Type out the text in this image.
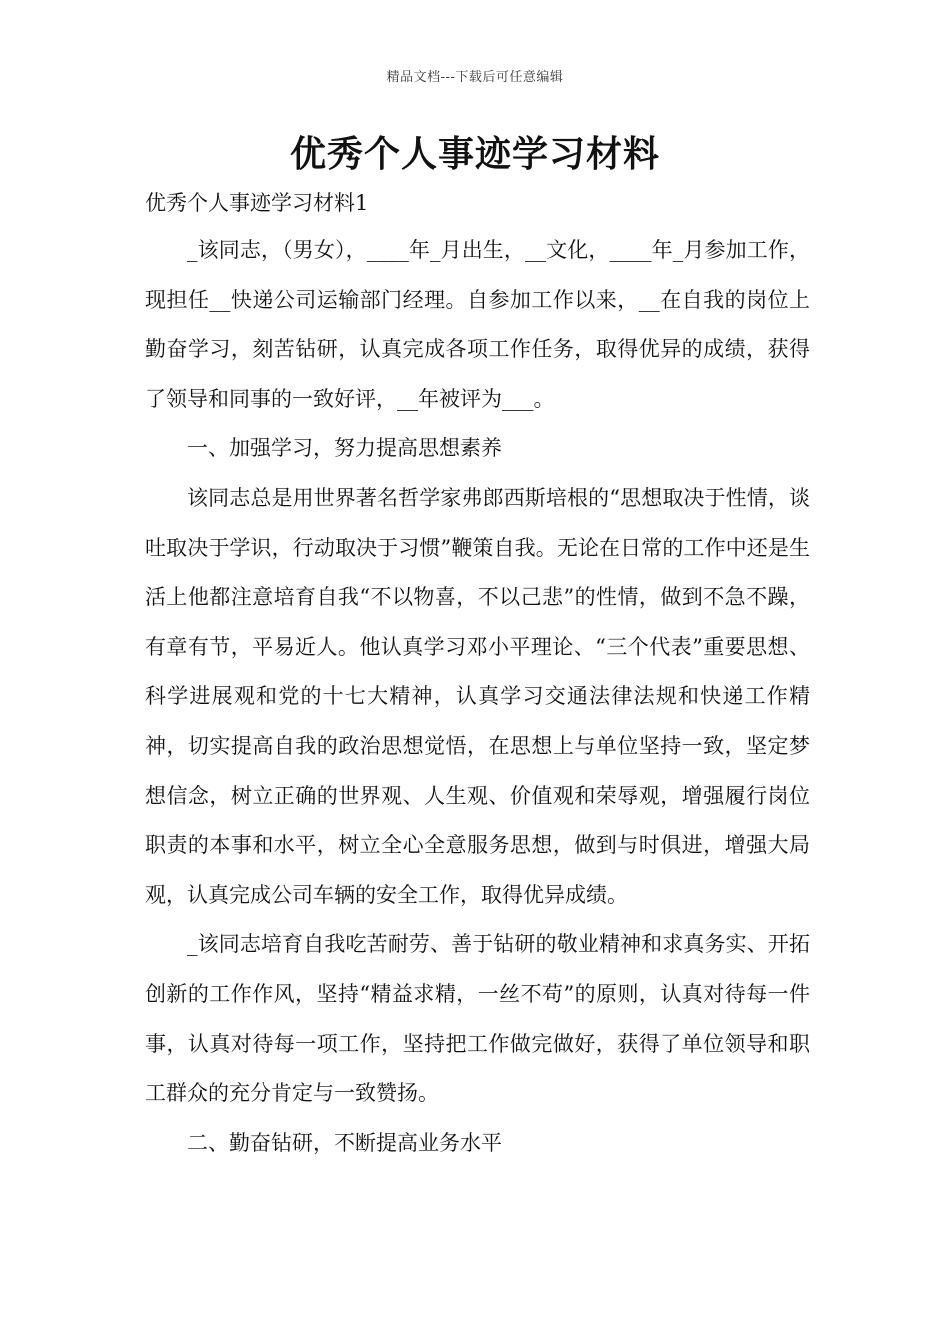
精品文档---下载后可任意编辑
优秀个人事迹学习材料
优秀个人事迹学习材料1

_该同志，（男女），____年_月出生，__文化，____年_月参加工作，现担任__快递公司运输部门经理。自参加工作以来，__在自我的岗位上勤奋学习，刻苦钻研，认真完成各项工作任务，取得优异的成绩，获得了领导和同事的一致好评，__年被评为___。

一、加强学习，努力提高思想素养

该同志总是用世界著名哲学家弗郎西斯培根的“思想取决于性情，谈吐取决于学识，行动取决于习惯”鞭策自我。无论在日常的工作中还是生活上他都注意培育自我“不以物喜，不以己悲”的性情，做到不急不躁，有章有节，平易近人。他认真学习邓小平理论、“三个代表”重要思想、科学进展观和党的十七大精神，认真学习交通法律法规和快递工作精神，切实提高自我的政治思想觉悟，在思想上与单位坚持一致，坚定梦想信念，树立正确的世界观、人生观、价值观和荣辱观，增强履行岗位职责的本事和水平，树立全心全意服务思想，做到与时俱进，增强大局观，认真完成公司车辆的安全工作，取得优异成绩。

_该同志培育自我吃苦耐劳、善于钻研的敬业精神和求真务实、开拓创新的工作作风，坚持“精益求精，一丝不苟”的原则，认真对待每一件事，认真对待每一项工作，坚持把工作做完做好，获得了单位领导和职工群众的充分肯定与一致赞扬。

二、勤奋钻研，不断提高业务水平
